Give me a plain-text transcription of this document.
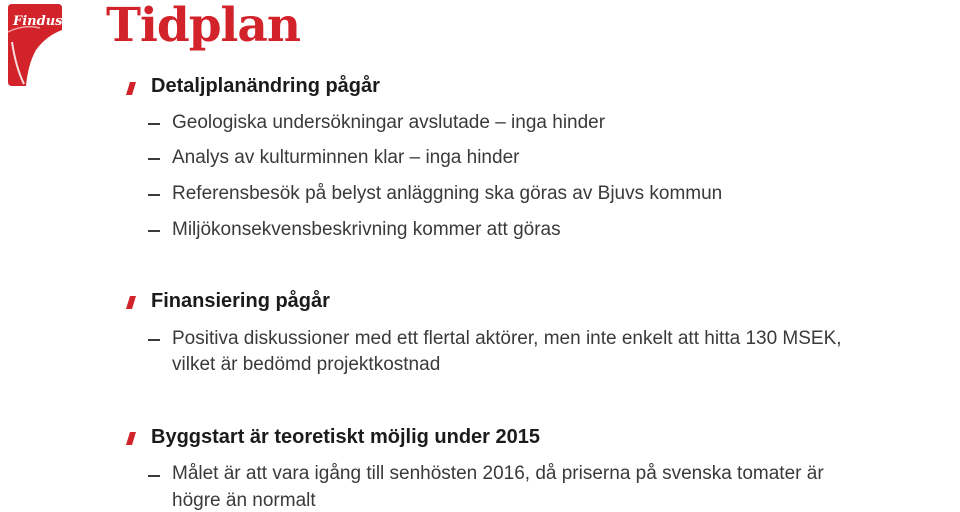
Findus Tidplan
Detaljplanändring pågår
Geologiska undersökningar avslutade – inga hinder
Analys av kulturminnen klar – inga hinder
Referensbesök på belyst anläggning ska göras av Bjuvs kommun
Miljökonsekvensbeskrivning kommer att göras
Finansiering pågår
Positiva diskussioner med ett flertal aktörer, men inte enkelt att hitta 130 MSEK,
vilket är bedömd projektkostnad
Byggstart är teoretiskt möjlig under 2015
Målet är att vara igång till senhösten 2016, då priserna på svenska tomater är
högre än normalt
